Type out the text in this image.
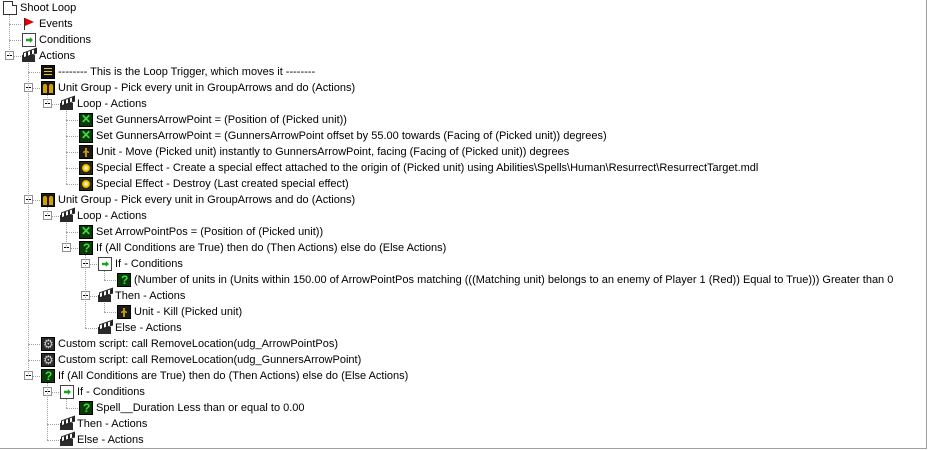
Shoot Loop
Events
Conditions
Actions
-------- This is the Loop Trigger, which moves it --------
Unit Group - Pick every unit in GroupArrows and do (Actions)
Loop - Actions
✕
Set GunnersArrowPoint = (Position of (Picked unit))
✕
Set GunnersArrowPoint = (GunnersArrowPoint offset by 55.00 towards (Facing of (Picked unit)) degrees)
Unit - Move (Picked unit) instantly to GunnersArrowPoint, facing (Facing of (Picked unit)) degrees
Special Effect - Create a special effect attached to the origin of (Picked unit) using Abilities\Spells\Human\Resurrect\ResurrectTarget.mdl
Special Effect - Destroy (Last created special effect)
Unit Group - Pick every unit in GroupArrows and do (Actions)
Loop - Actions
✕
Set ArrowPointPos = (Position of (Picked unit))
?
If (All Conditions are True) then do (Then Actions) else do (Else Actions)
If - Conditions
?
(Number of units in (Units within 150.00 of ArrowPointPos matching (((Matching unit) belongs to an enemy of Player 1 (Red)) Equal to True))) Greater than 0
Then - Actions
Unit - Kill (Picked unit)
Else - Actions
⚙
Custom script: call RemoveLocation(udg_ArrowPointPos)
⚙
Custom script: call RemoveLocation(udg_GunnersArrowPoint)
?
If (All Conditions are True) then do (Then Actions) else do (Else Actions)
If - Conditions
?
Spell__Duration Less than or equal to 0.00
Then - Actions
Else - Actions
